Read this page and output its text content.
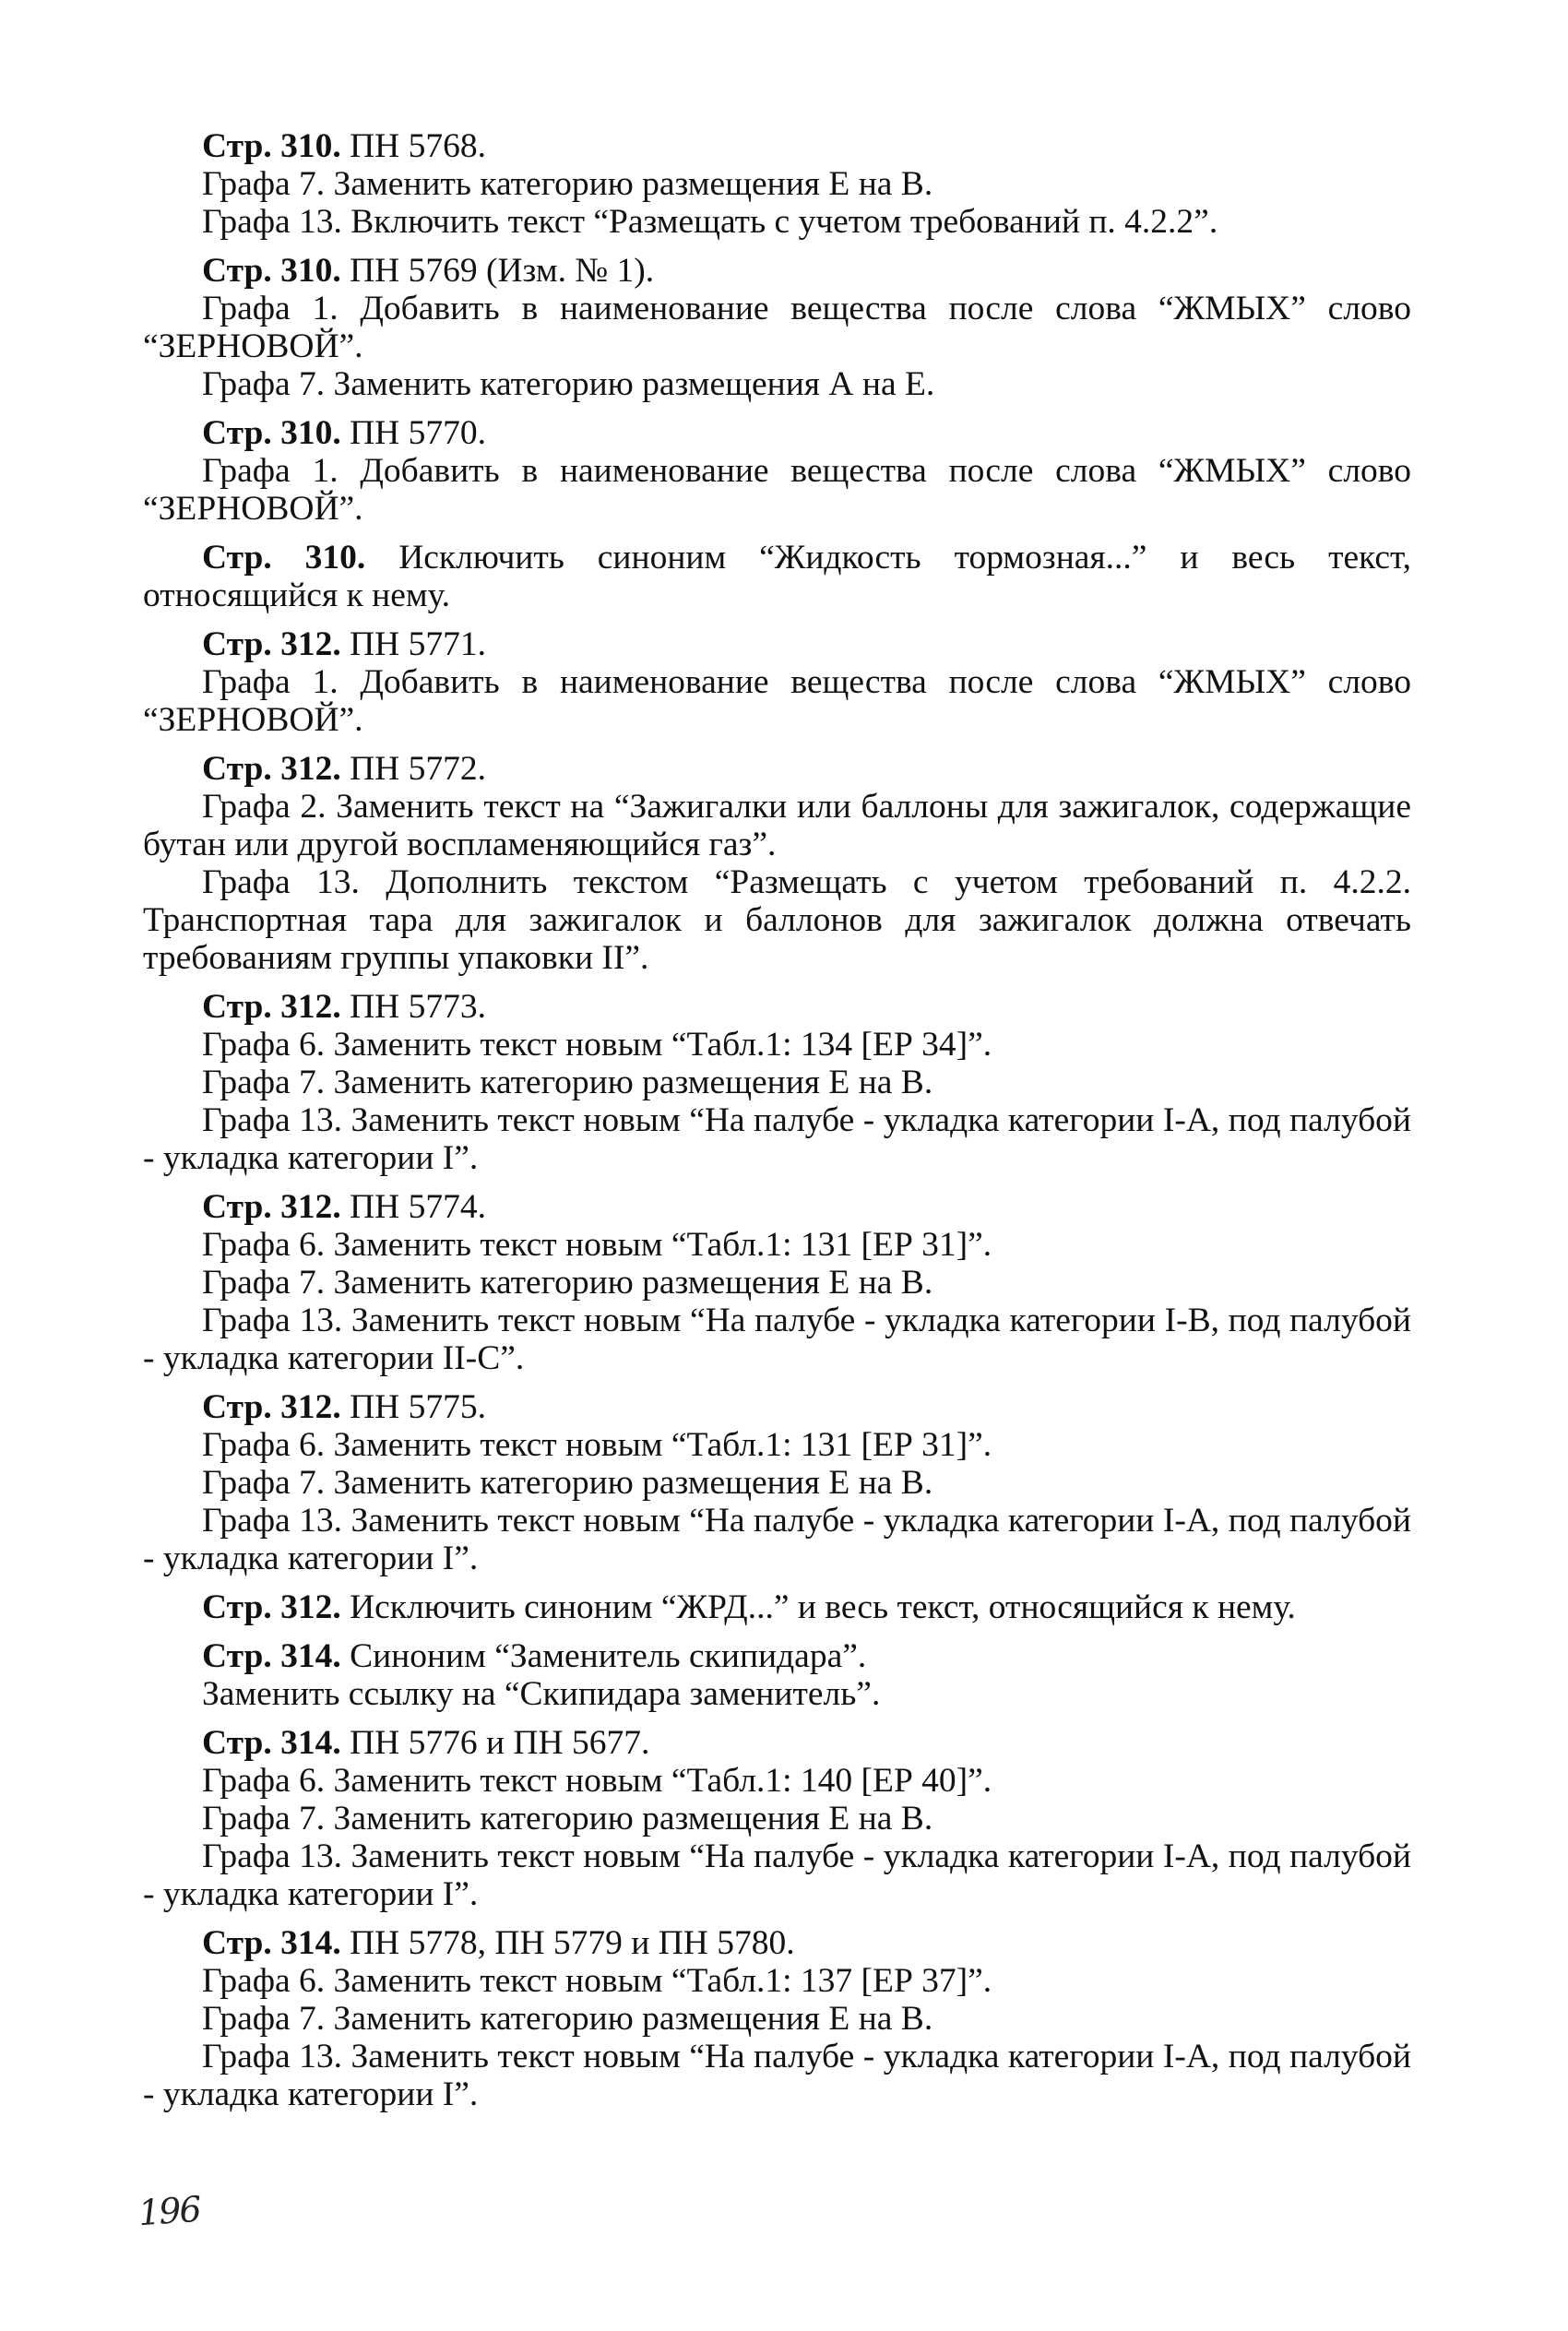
Стр. 310. ПН 5768.

Графа 7. Заменить категорию размещения Е на В.

Графа 13. Включить текст “Размещать с учетом требований п. 4.2.2”.

Стр. 310. ПН 5769 (Изм. № 1).

Графа 1. Добавить в наименование вещества после слова “ЖМЫХ” слово “ЗЕРНОВОЙ”.

Графа 7. Заменить категорию размещения А на Е.

Стр. 310. ПН 5770.

Графа 1. Добавить в наименование вещества после слова “ЖМЫХ” слово “ЗЕРНОВОЙ”.

Стр. 310. Исключить синоним “Жидкость тормозная...” и весь текст, относящийся к нему.

Стр. 312. ПН 5771.

Графа 1. Добавить в наименование вещества после слова “ЖМЫХ” слово “ЗЕРНОВОЙ”.

Стр. 312. ПН 5772.

Графа 2. Заменить текст на “Зажигалки или баллоны для зажигалок, содержащие бутан или другой воспламеняющийся газ”.

Графа 13. Дополнить текстом “Размещать с учетом требований п. 4.2.2. Транспортная тара для зажигалок и баллонов для зажигалок должна отвечать требованиям группы упаковки II”.

Стр. 312. ПН 5773.

Графа 6. Заменить текст новым “Табл.1: 134 [ЕР 34]”.

Графа 7. Заменить категорию размещения Е на В.

Графа 13. Заменить текст новым “На палубе - укладка категории I-А, под палубой - укладка категории I”.

Стр. 312. ПН 5774.

Графа 6. Заменить текст новым “Табл.1: 131 [ЕР 31]”.

Графа 7. Заменить категорию размещения Е на В.

Графа 13. Заменить текст новым “На палубе - укладка категории I-В, под палубой - укладка категории II-С”.

Стр. 312. ПН 5775.

Графа 6. Заменить текст новым “Табл.1: 131 [ЕР 31]”.

Графа 7. Заменить категорию размещения Е на В.

Графа 13. Заменить текст новым “На палубе - укладка категории I-А, под палубой - укладка категории I”.

Стр. 312. Исключить синоним “ЖРД...” и весь текст, относящийся к нему.

Стр. 314. Синоним “Заменитель скипидара”.

Заменить ссылку на “Скипидара заменитель”.

Стр. 314. ПН 5776 и ПН 5677.

Графа 6. Заменить текст новым “Табл.1: 140 [ЕР 40]”.

Графа 7. Заменить категорию размещения Е на В.

Графа 13. Заменить текст новым “На палубе - укладка категории I-А, под палубой - укладка категории I”.

Стр. 314. ПН 5778, ПН 5779 и ПН 5780.

Графа 6. Заменить текст новым “Табл.1: 137 [ЕР 37]”.

Графа 7. Заменить категорию размещения Е на В.

Графа 13. Заменить текст новым “На палубе - укладка категории I-А, под палубой - укладка категории I”.

196
